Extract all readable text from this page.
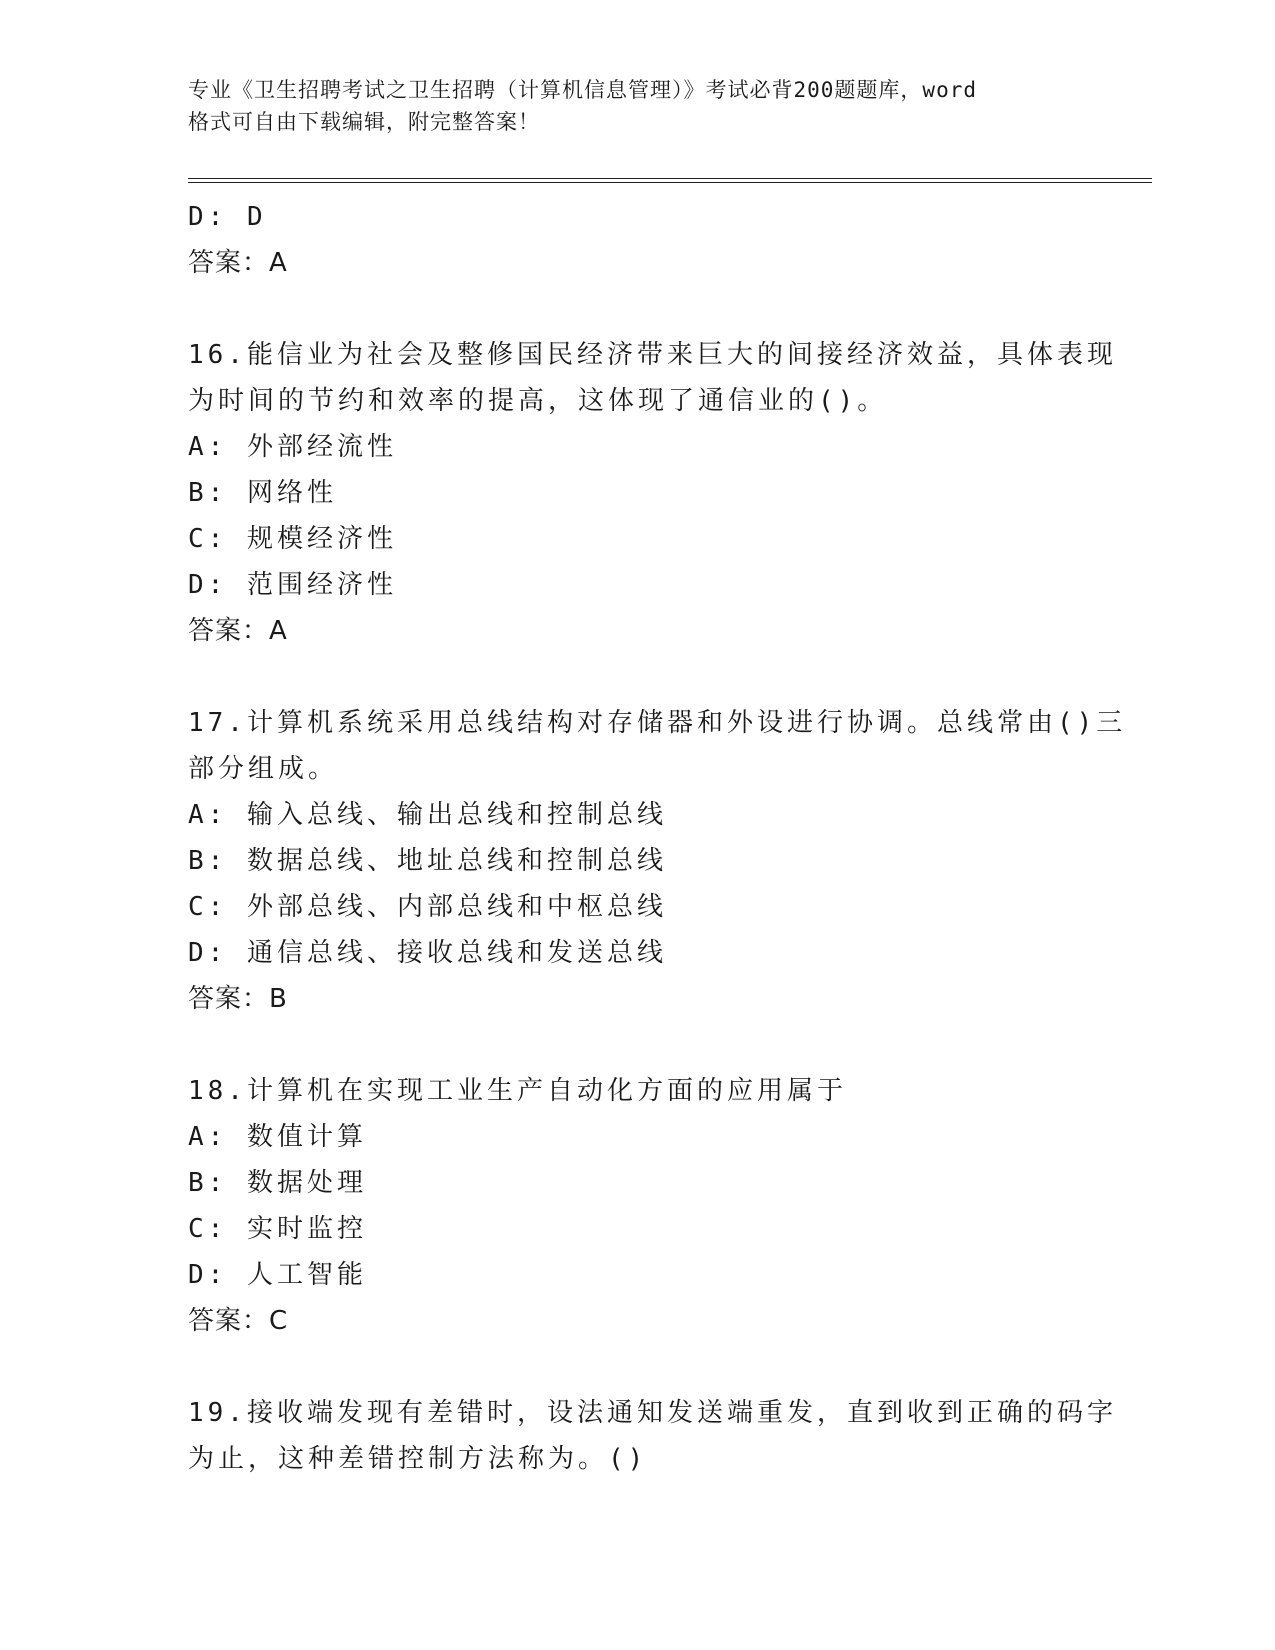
专业《卫生招聘考试之卫生招聘（计算机信息管理）》考试必背200题题库，word
格式可自由下载编辑，附完整答案！
D: D
答案：A
16.能信业为社会及整修国民经济带来巨大的间接经济效益，具体表现
为时间的节约和效率的提高，这体现了通信业的()。
A: 外部经流性
B: 网络性
C: 规模经济性
D: 范围经济性
答案：A
17.计算机系统采用总线结构对存储器和外设进行协调。总线常由()三
部分组成。
A: 输入总线、输出总线和控制总线
B: 数据总线、地址总线和控制总线
C: 外部总线、内部总线和中枢总线
D: 通信总线、接收总线和发送总线
答案：B
18.计算机在实现工业生产自动化方面的应用属于
A: 数值计算
B: 数据处理
C: 实时监控
D: 人工智能
答案：C
19.接收端发现有差错时，设法通知发送端重发，直到收到正确的码字
为止，这种差错控制方法称为。()
